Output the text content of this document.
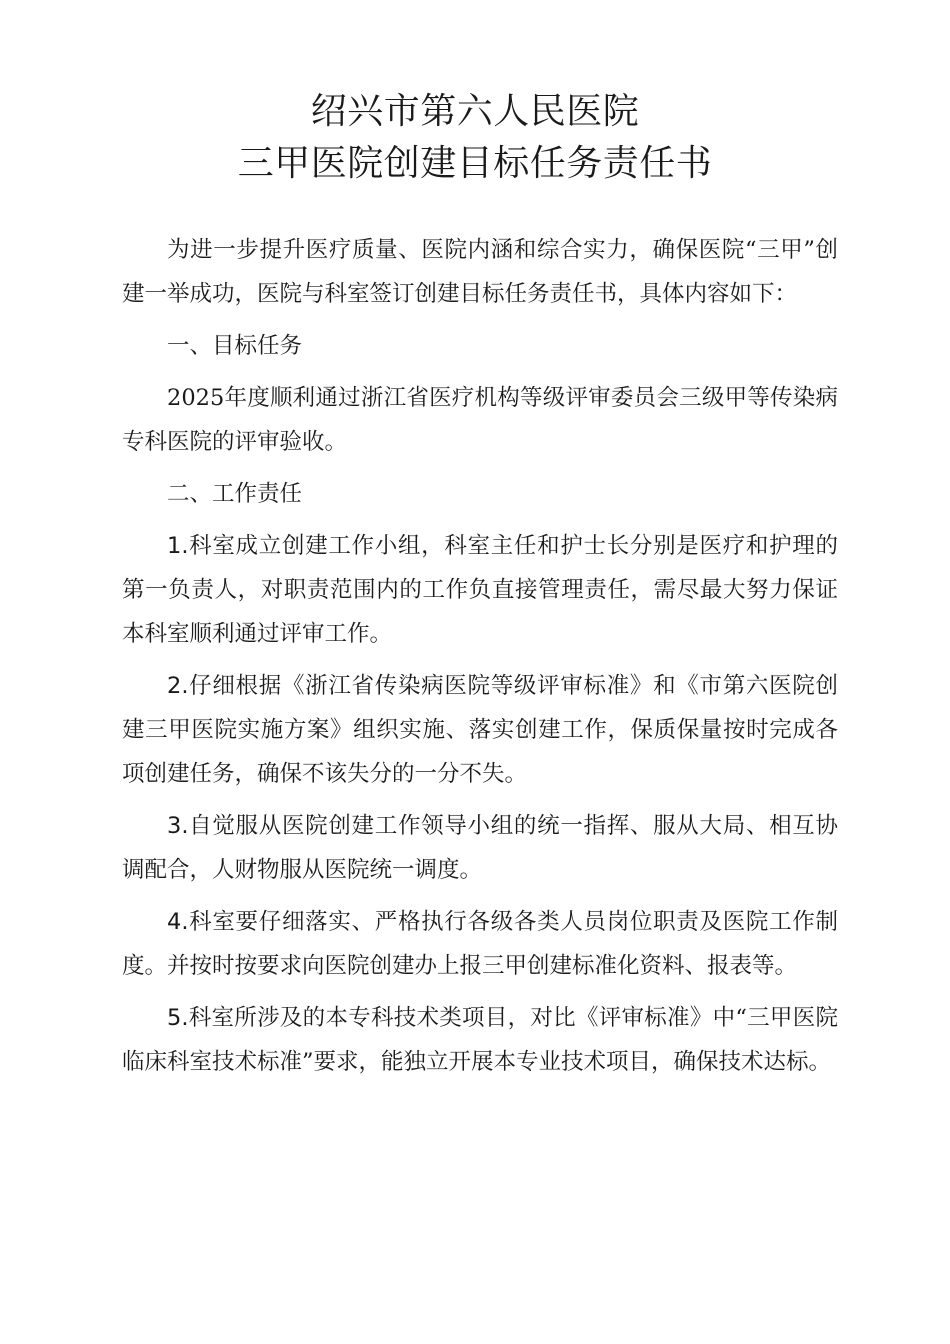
绍兴市第六人民医院
三甲医院创建目标任务责任书

为进一步提升医疗质量、医院内涵和综合实力，确保医院“三甲”创建一举成功，医院与科室签订创建目标任务责任书，具体内容如下：

一、目标任务

2025年度顺利通过浙江省医疗机构等级评审委员会三级甲等传染病专科医院的评审验收。

二、工作责任

1.科室成立创建工作小组，科室主任和护士长分别是医疗和护理的第一负责人，对职责范围内的工作负直接管理责任，需尽最大努力保证本科室顺利通过评审工作。

2.仔细根据《浙江省传染病医院等级评审标准》和《市第六医院创建三甲医院实施方案》组织实施、落实创建工作，保质保量按时完成各项创建任务，确保不该失分的一分不失。

3.自觉服从医院创建工作领导小组的统一指挥、服从大局、相互协调配合，人财物服从医院统一调度。

4.科室要仔细落实、严格执行各级各类人员岗位职责及医院工作制度。并按时按要求向医院创建办上报三甲创建标准化资料、报表等。

5.科室所涉及的本专科技术类项目，对比《评审标准》中“三甲医院临床科室技术标准”要求，能独立开展本专业技术项目，确保技术达标。
